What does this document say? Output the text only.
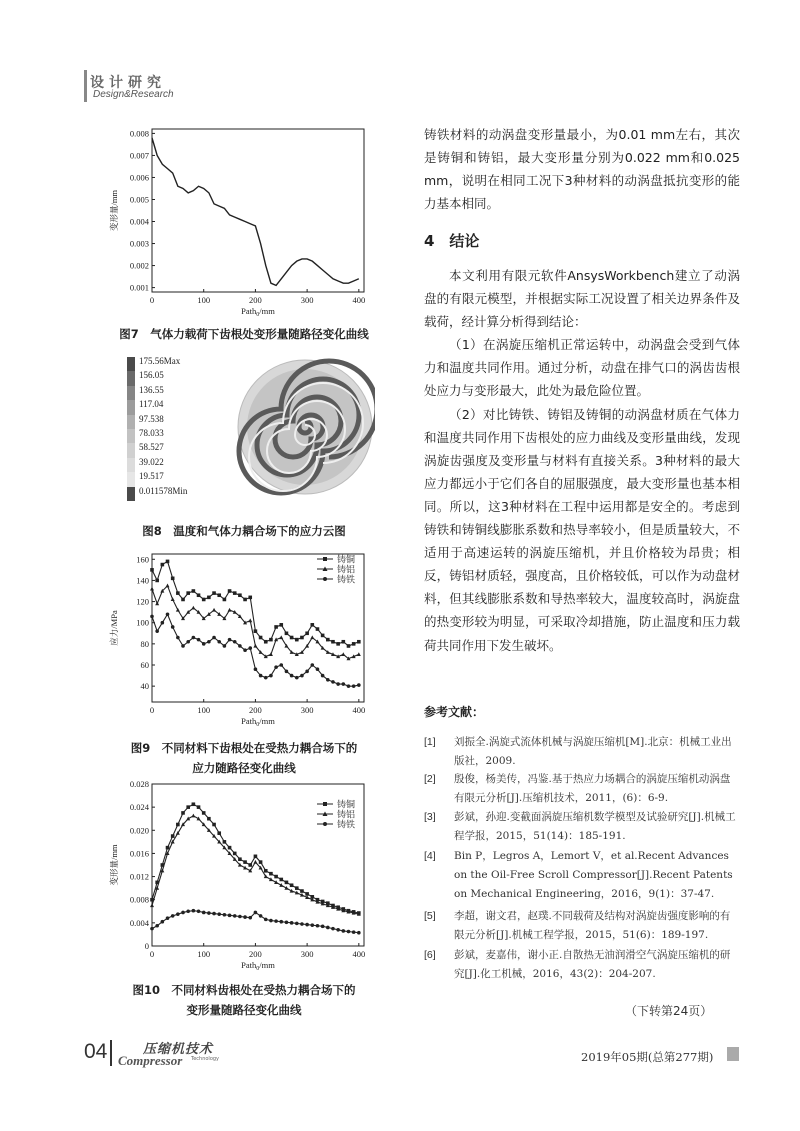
设计研究
Design&Research
0	100	200	300	400
0.001
0.002
0.003
0.004
0.005
0.006
0.007
0.008
变形量/mm
Path$_0$/mm
图7　气体力载荷下齿根处变形量随路径变化曲线
175.56Max
156.05
136.55
117.04
97.538
78.033
58.527
39.022
19.517
0.011578Min
图8　温度和气体力耦合场下的应力云图
0	100	200	300	400
40
60
80
100
120
140
160
应力/MPa
Path$_0$/mm
铸铜
铸铝
铸铁
图9　不同材料下齿根处在受热力耦合场下的
应力随路径变化曲线
0	100	200	300	400
0
0.004
0.008
0.012
0.016
0.020
0.024
0.028
变形量/mm
Path$_0$/mm
铸铜
铸铝
铸铁
图10　不同材料齿根处在受热力耦合场下的
变形量随路径变化曲线

铸铁材料的动涡盘变形量最小，为0.01 mm左右，其次是铸铜和铸铝，最大变形量分别为0.022 mm和0.025 mm，说明在相同工况下3种材料的动涡盘抵抗变形的能力基本相同。

4　结论

本文利用有限元软件AnsysWorkbench建立了动涡盘的有限元模型，并根据实际工况设置了相关边界条件及载荷，经计算分析得到结论：

（1）在涡旋压缩机正常运转中，动涡盘会受到气体力和温度共同作用。通过分析，动盘在排气口的涡齿齿根处应力与变形最大，此处为最危险位置。

（2）对比铸铁、铸铝及铸铜的动涡盘材质在气体力和温度共同作用下齿根处的应力曲线及变形量曲线，发现涡旋齿强度及变形量与材料有直接关系。3种材料的最大应力都远小于它们各自的屈服强度，最大变形量也基本相同。所以，这3种材料在工程中运用都是安全的。考虑到铸铁和铸铜线膨胀系数和热导率较小，但是质量较大，不适用于高速运转的涡旋压缩机，并且价格较为昂贵；相反，铸铝材质轻，强度高，且价格较低，可以作为动盘材料，但其线膨胀系数和导热率较大，温度较高时，涡旋盘的热变形较为明显，可采取冷却措施，防止温度和压力载荷共同作用下发生破坏。

参考文献：
[1] 刘振全.涡旋式流体机械与涡旋压缩机[M].北京：机械工业出版社，2009.
[2] 殷俊，杨美传，冯鉴.基于热应力场耦合的涡旋压缩机动涡盘有限元分析[J].压缩机技术，2011，(6)：6-9.
[3] 彭斌，孙迎.变截面涡旋压缩机数学模型及试验研究[J].机械工程学报，2015，51(14)：185-191.
[4] Bin P，Legros A，Lemort V，et al.Recent Advances on the Oil-Free Scroll Compressor[J].Recent Patents on Mechanical Engineering，2016，9(1)：37-47.
[5] 李超，谢文君，赵璞.不同载荷及结构对涡旋齿强度影响的有限元分析[J].机械工程学报，2015，51(6)：189-197.
[6] 彭斌，麦嘉伟，谢小正.自散热无油润滑空气涡旋压缩机的研究[J].化工机械，2016，43(2)：204-207.
（下转第24页）
04	压缩机技术
Compressor Technology	2019年05期(总第277期)
